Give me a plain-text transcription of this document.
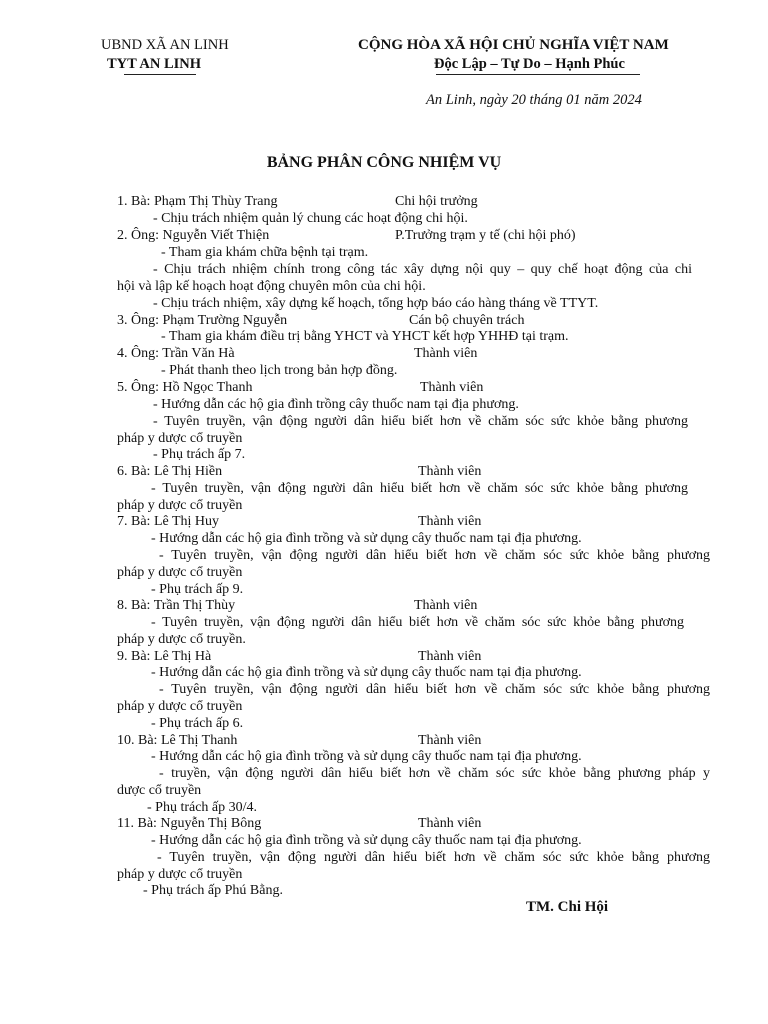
UBND XÃ AN LINH
TYT AN LINH
CỘNG HÒA XÃ HỘI CHỦ NGHĨA VIỆT NAM
Độc Lập – Tự Do – Hạnh Phúc
An Linh, ngày 20 tháng 01 năm 2024
BẢNG PHÂN CÔNG NHIỆM VỤ
1. Bà: Phạm Thị Thùy Trang	Chi hội trưởng
- Chịu trách nhiệm quản lý chung các hoạt động chi hội.
2. Ông: Nguyễn Viết Thiện	P.Trưởng trạm y tế (chi hội phó)
- Tham gia khám chữa bệnh tại trạm.
- Chịu trách nhiệm chính trong công tác xây dựng nội quy – quy chế hoạt động của chi
hội và lập kế hoạch hoạt động chuyên môn của chi hội.
- Chịu trách nhiệm, xây dựng kế hoạch, tổng hợp báo cáo hàng tháng về TTYT.
3. Ông: Phạm Trường Nguyễn	Cán bộ chuyên trách
- Tham gia khám điều trị bằng YHCT và YHCT kết hợp YHHĐ tại trạm.
4. Ông: Trần Văn Hà	Thành viên
- Phát thanh theo lịch trong bản hợp đồng.
5. Ông: Hồ Ngọc Thanh	Thành viên
- Hướng dẫn các hộ gia đình trồng cây thuốc nam tại địa phương.
- Tuyên truyền, vận động người dân hiểu biết hơn về chăm sóc sức khỏe bằng phương
pháp y dược cổ truyền
- Phụ trách ấp 7.
6. Bà: Lê Thị Hiền	Thành viên
- Tuyên truyền, vận động người dân hiểu biết hơn về chăm sóc sức khỏe bằng phương
pháp y dược cổ truyền
7. Bà: Lê Thị Huy	Thành viên
- Hướng dẫn các hộ gia đình trồng và sử dụng cây thuốc nam tại địa phương.
- Tuyên truyền, vận động người dân hiểu biết hơn về chăm sóc sức khỏe bằng phương
pháp y dược cổ truyền
- Phụ trách ấp 9.
8. Bà: Trần Thị Thùy	Thành viên
- Tuyên truyền, vận động người dân hiểu biết hơn về chăm sóc sức khỏe bằng phương
pháp y dược cổ truyền.
9. Bà: Lê Thị Hà	Thành viên
- Hướng dẫn các hộ gia đình trồng và sử dụng cây thuốc nam tại địa phương.
- Tuyên truyền, vận động người dân hiểu biết hơn về chăm sóc sức khỏe bằng phương
pháp y dược cổ truyền
- Phụ trách ấp 6.
10. Bà: Lê Thị Thanh	Thành viên
- Hướng dẫn các hộ gia đình trồng và sử dụng cây thuốc nam tại địa phương.
- truyền, vận động người dân hiểu biết hơn về chăm sóc sức khỏe bằng phương pháp y
dược cổ truyền
- Phụ trách ấp 30/4.
11. Bà: Nguyễn Thị Bông	Thành viên
- Hướng dẫn các hộ gia đình trồng và sử dụng cây thuốc nam tại địa phương.
- Tuyên truyền, vận động người dân hiểu biết hơn về chăm sóc sức khỏe bằng phương
pháp y dược cổ truyền
- Phụ trách ấp Phú Bằng.
TM. Chi Hội
